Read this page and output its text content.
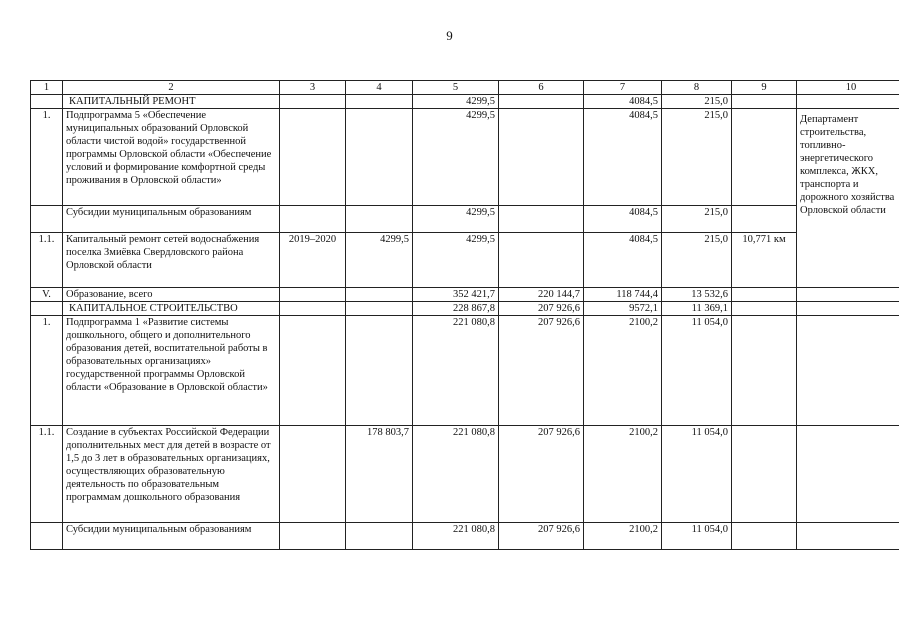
9
1	2	3	4	5	6	7	8	9	10
	КАПИТАЛЬНЫЙ РЕМОНТ			4299,5		4084,5	215,0		
1.	Подпрограмма 5 «Обеспечение муниципальных образований Орловской области чистой водой» государственной программы Орловской области «Обеспечение условий и формирование комфортной среды проживания в Орловской области»			4299,5		4084,5	215,0		Департамент строительства, топливно-энергетического комплекса, ЖКХ, транспорта и дорожного хозяйства Орловской области
	Субсидии муниципальным образованиям			4299,5		4084,5	215,0		
1.1.	Капитальный ремонт сетей водоснабжения поселка Змиёвка Свердловского района Орловской области	2019–2020	4299,5	4299,5		4084,5	215,0	10,771 км	
V.	Образование, всего			352 421,7	220 144,7	118 744,4	13 532,6		
	КАПИТАЛЬНОЕ СТРОИТЕЛЬСТВО			228 867,8	207 926,6	9572,1	11 369,1		
1.	Подпрограмма 1 «Развитие системы дошкольного, общего и дополнительного образования детей, воспитательной работы в образовательных организациях» государственной программы Орловской области «Образование в Орловской области»			221 080,8	207 926,6	2100,2	11 054,0		
1.1.	Создание в субъектах Российской Федерации дополнительных мест для детей в возрасте от 1,5 до 3 лет в образовательных организациях, осуществляющих образовательную деятельность по образовательным программам дошкольного образования		178 803,7	221 080,8	207 926,6	2100,2	11 054,0		
	Субсидии муниципальным образованиям			221 080,8	207 926,6	2100,2	11 054,0		
